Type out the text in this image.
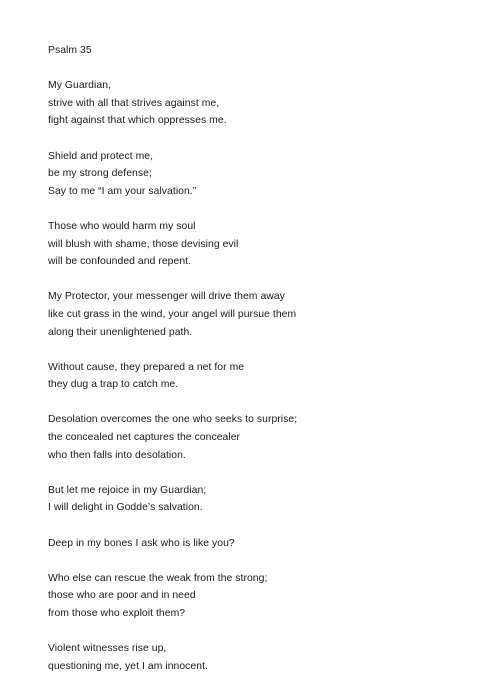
Psalm 35
My Guardian,
strive with all that strives against me,
fight against that which oppresses me.
Shield and protect me,
be my strong defense;
Say to me “I am your salvation.”
Those who would harm my soul
will blush with shame, those devising evil
will be confounded and repent.
My Protector, your messenger will drive them away
like cut grass in the wind, your angel will pursue them
along their unenlightened path.
Without cause, they prepared a net for me
they dug a trap to catch me.
Desolation overcomes the one who seeks to surprise;
the concealed net captures the concealer
who then falls into desolation.
But let me rejoice in my Guardian;
I will delight in Godde’s salvation.
Deep in my bones I ask who is like you?
Who else can rescue the weak from the strong;
those who are poor and in need
from those who exploit them?
Violent witnesses rise up,
questioning me, yet I am innocent.
